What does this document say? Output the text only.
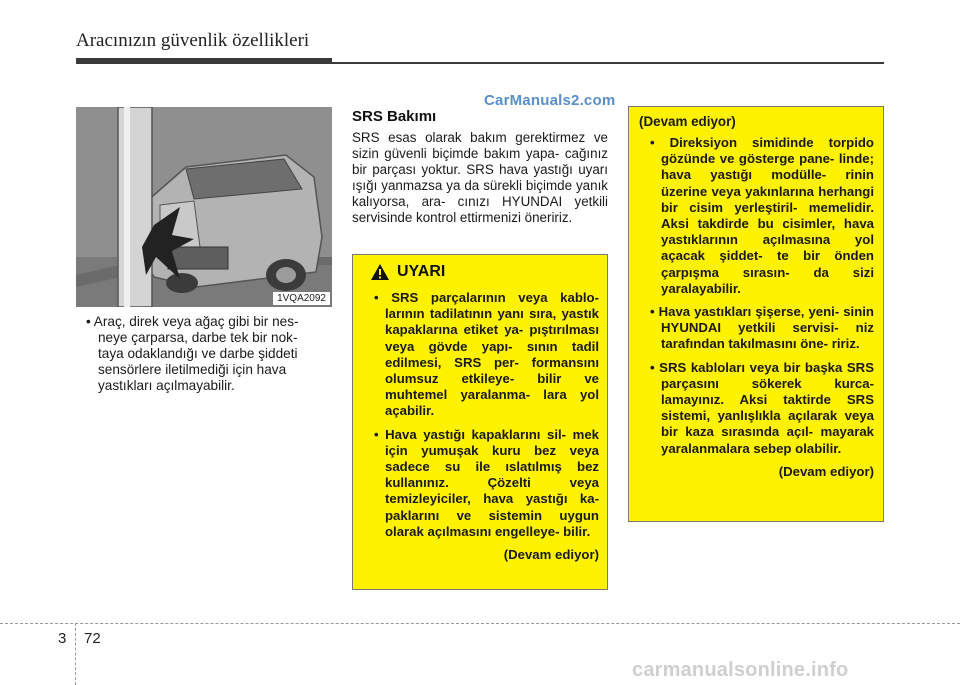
Aracınızın güvenlik özellikleri
CarManuals2.com
1VQA2092
• Araç, direk veya ağaç gibi bir nes-
neye çarparsa, darbe tek bir nok-
taya odaklandığı ve darbe şiddeti
sensörlere iletilmediği için hava
yastıkları açılmayabilir.
SRS Bakımı
SRS esas olarak bakım gerektirmez ve sizin güvenli biçimde bakım yapa- cağınız bir parçası yoktur. SRS hava yastığı uyarı ışığı yanmazsa ya da sürekli biçimde yanık kalıyorsa, ara- cınızı HYUNDAI yetkili servisinde kontrol ettirmenizi öneririz.
UYARI
• SRS parçalarının veya kablo- larının tadilatının yanı sıra, yastık kapaklarına etiket ya- pıştırılması veya gövde yapı- sının tadil edilmesi, SRS per- formansını olumsuz etkileye- bilir ve muhtemel yaralanma- lara yol açabilir.
• Hava yastığı kapaklarını sil- mek için yumuşak kuru bez veya sadece su ile ıslatılmış bez kullanınız. Çözelti veya temizleyiciler, hava yastığı ka- paklarını ve sistemin uygun olarak açılmasını engelleye- bilir.
(Devam ediyor)
(Devam ediyor)
• Direksiyon simidinde torpido gözünde ve gösterge pane- linde; hava yastığı modülle- rinin üzerine veya yakınlarına herhangi bir cisim yerleştiril- memelidir. Aksi takdirde bu cisimler, hava yastıklarının açılmasına yol açacak şiddet- te bir önden çarpışma sırasın- da sizi yaralayabilir.
• Hava yastıkları şişerse, yeni- sinin HYUNDAI yetkili servisi- niz tarafından takılmasını öne- ririz.
• SRS kabloları veya bir başka SRS parçasını sökerek kurca- lamayınız. Aksi taktirde SRS sistemi, yanlışlıkla açılarak veya bir kaza sırasında açıl- mayarak yaralanmalara sebep olabilir.
(Devam ediyor)
3 72
carmanualsonline.info
